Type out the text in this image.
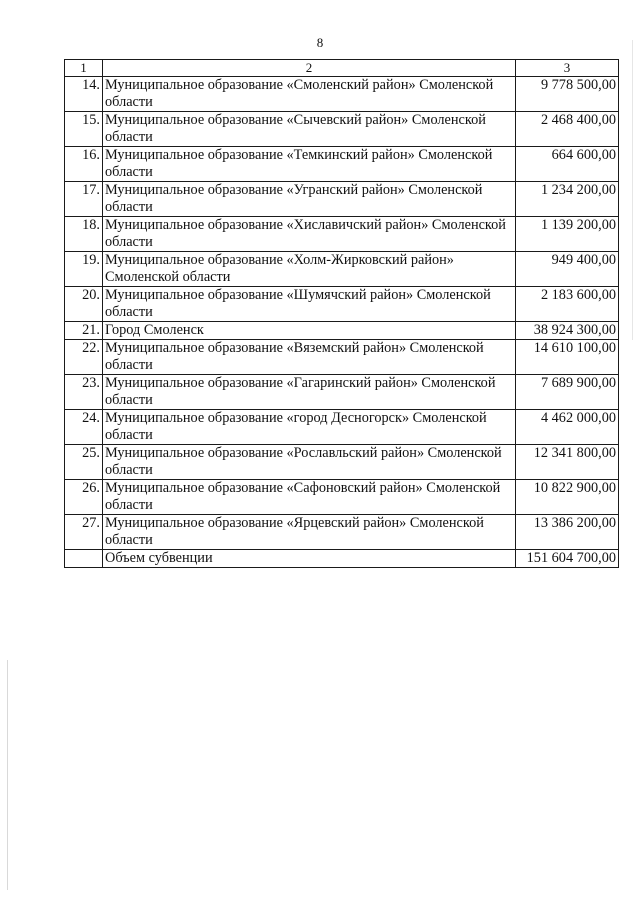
8
1	2	3
14.	Муниципальное образование «Смоленский район» Смоленской области	9 778 500,00
15.	Муниципальное образование «Сычевский район» Смоленской области	2 468 400,00
16.	Муниципальное образование «Темкинский район» Смоленской области	664 600,00
17.	Муниципальное образование «Угранский район» Смоленской области	1 234 200,00
18.	Муниципальное образование «Хиславичский район» Смоленской области	1 139 200,00
19.	Муниципальное образование «Холм-Жирковский район» Смоленской области	949 400,00
20.	Муниципальное образование «Шумячский район» Смоленской области	2 183 600,00
21.	Город Смоленск	38 924 300,00
22.	Муниципальное образование «Вяземский район» Смоленской области	14 610 100,00
23.	Муниципальное образование «Гагаринский район» Смоленской области	7 689 900,00
24.	Муниципальное образование «город Десногорск» Смоленской области	4 462 000,00
25.	Муниципальное образование «Рославльский район» Смоленской области	12 341 800,00
26.	Муниципальное образование «Сафоновский район» Смоленской области	10 822 900,00
27.	Муниципальное образование «Ярцевский район» Смоленской области	13 386 200,00
	Объем субвенции	151 604 700,00
